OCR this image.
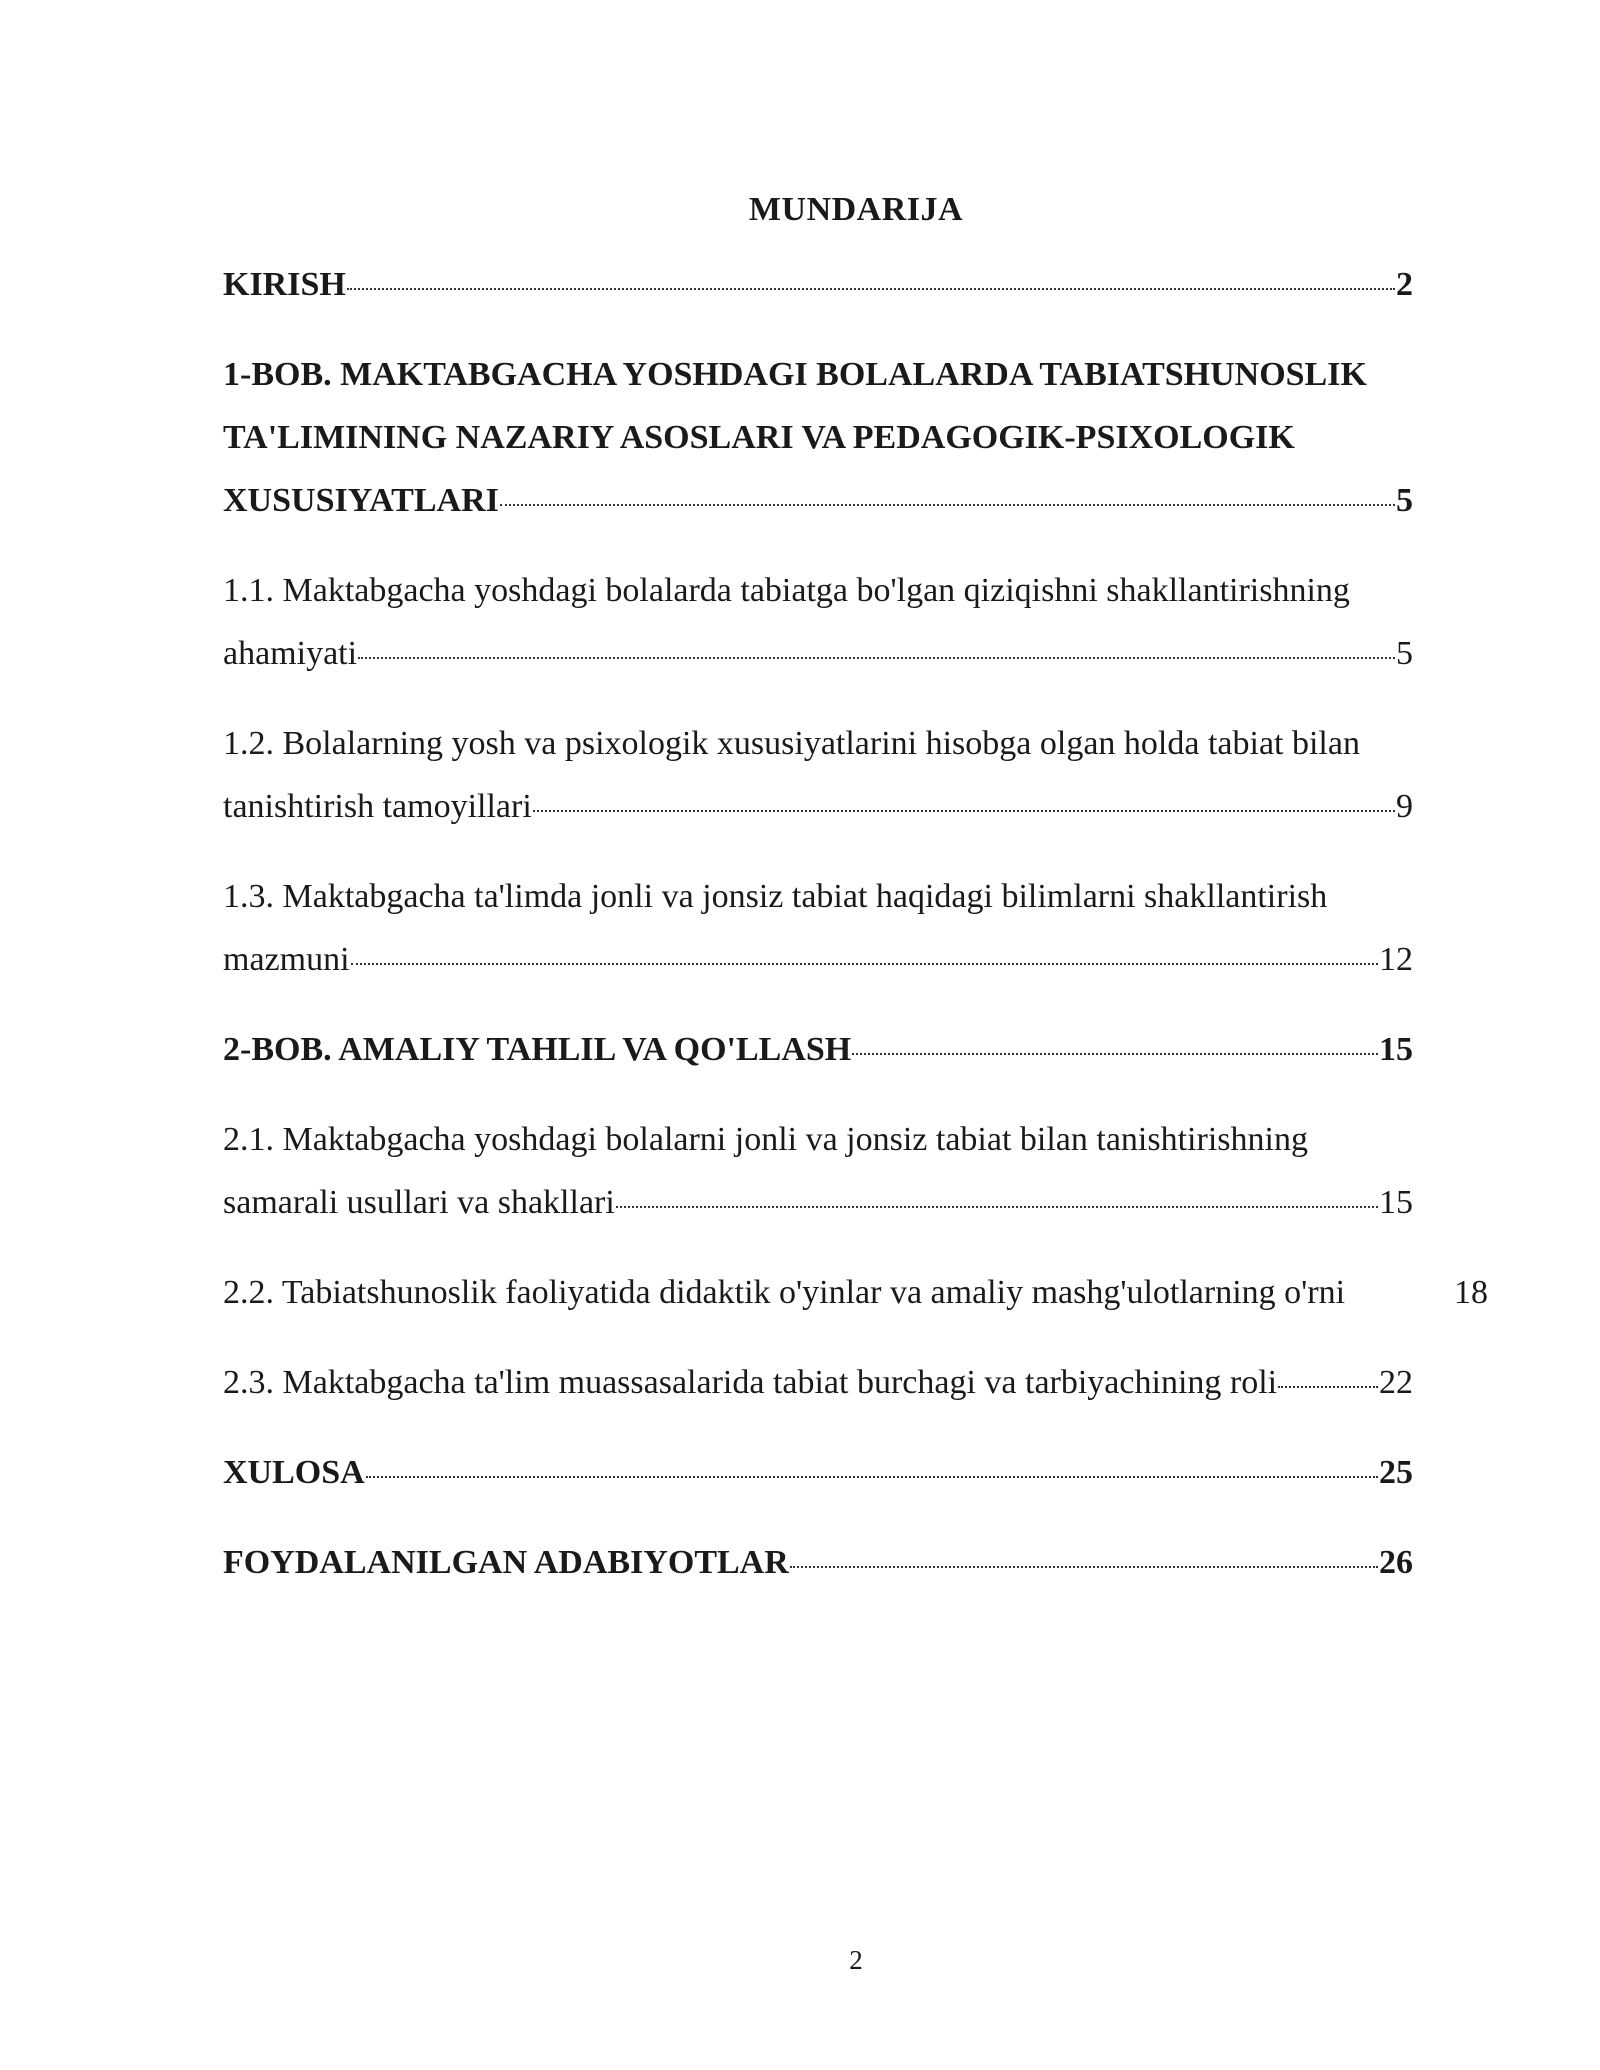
MUNDARIJA
KIRISH	2
1-BOB. MAKTABGACHA YOSHDAGI BOLALARDA TABIATSHUNOSLIK
TA'LIMINING NAZARIY ASOSLARI VA PEDAGOGIK-PSIXOLOGIK
XUSUSIYATLARI	5
1.1. Maktabgacha yoshdagi bolalarda tabiatga bo'lgan qiziqishni shakllantirishning
ahamiyati	5
1.2. Bolalarning yosh va psixologik xususiyatlarini hisobga olgan holda tabiat bilan
tanishtirish tamoyillari	9
1.3. Maktabgacha ta'limda jonli va jonsiz tabiat haqidagi bilimlarni shakllantirish
mazmuni	12
2-BOB. AMALIY TAHLIL VA QO'LLASH	15
2.1. Maktabgacha yoshdagi bolalarni jonli va jonsiz tabiat bilan tanishtirishning
samarali usullari va shakllari	15
2.2. Tabiatshunoslik faoliyatida didaktik o'yinlar va amaliy mashg'ulotlarning o'rni	18
2.3. Maktabgacha ta'lim muassasalarida tabiat burchagi va tarbiyachining roli	22
XULOSA	25
FOYDALANILGAN ADABIYOTLAR	26
2
